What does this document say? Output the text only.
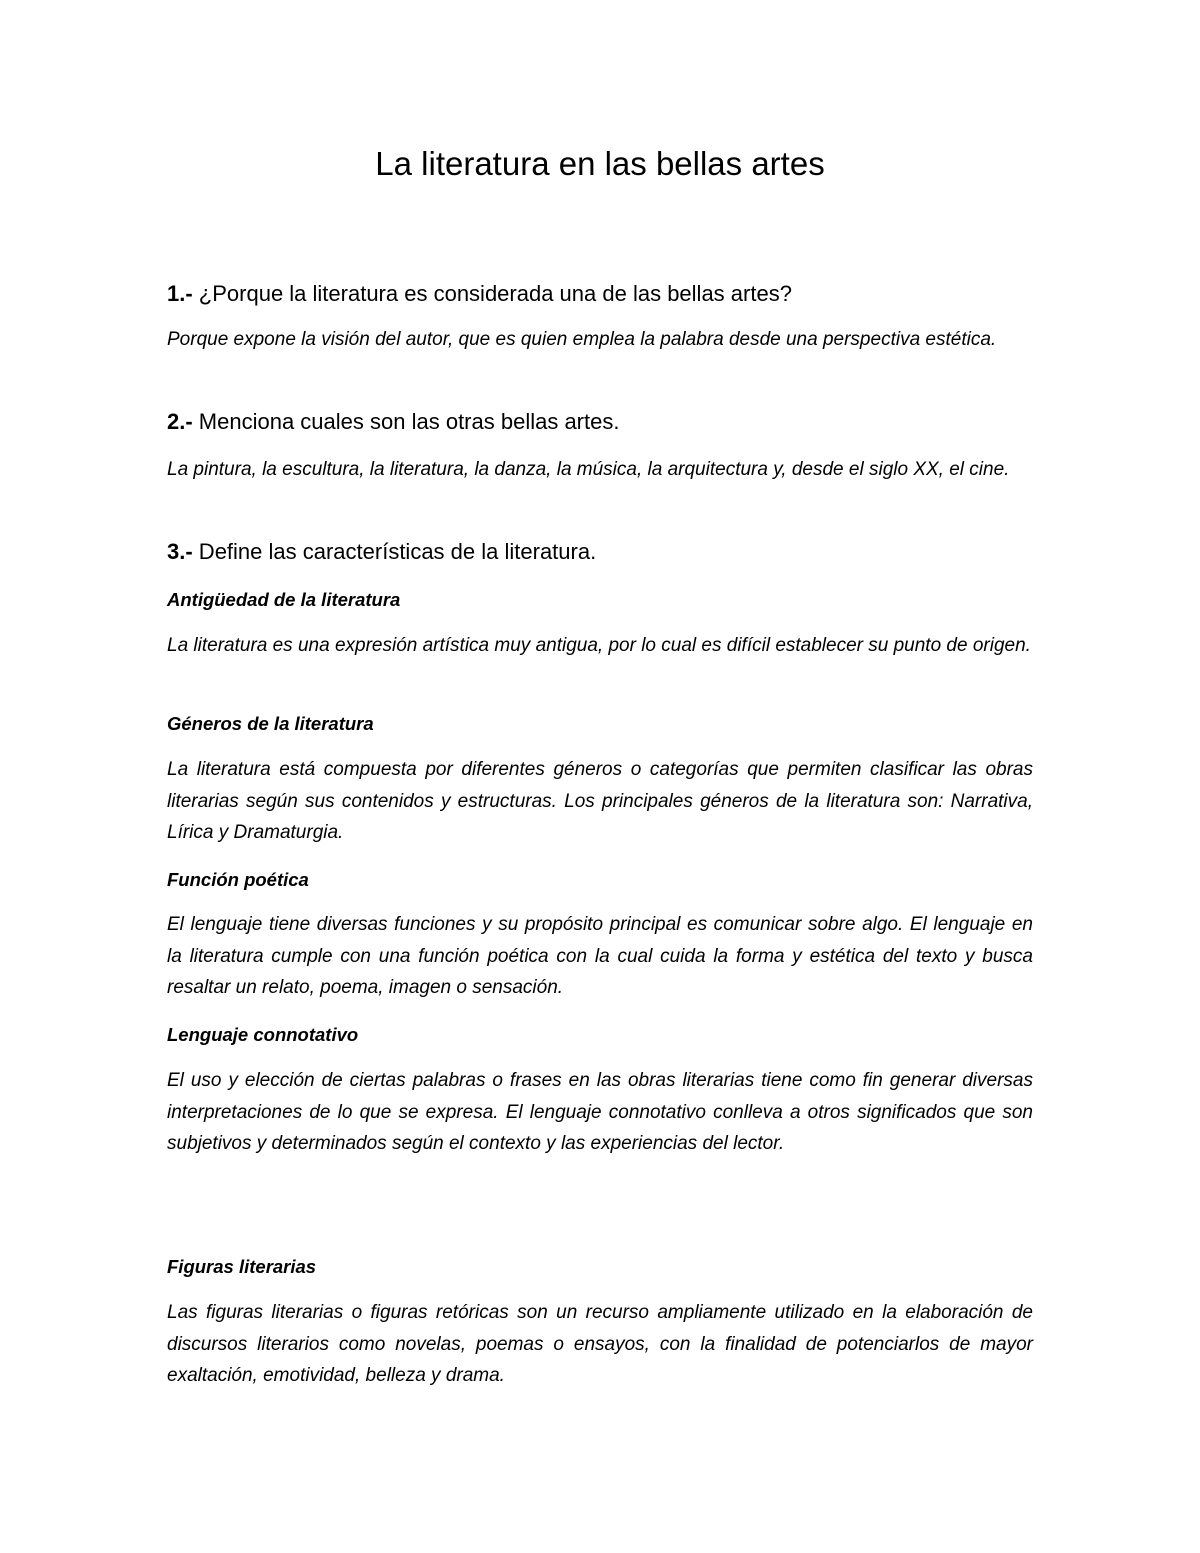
La literatura en las bellas artes

1.- ¿Porque la literatura es considerada una de las bellas artes?

Porque expone la visión del autor, que es quien emplea la palabra desde una perspectiva estética.

2.- Menciona cuales son las otras bellas artes.

La pintura, la escultura, la literatura, la danza, la música, la arquitectura y, desde el siglo XX, el cine.

3.- Define las características de la literatura.

Antigüedad de la literatura

La literatura es una expresión artística muy antigua, por lo cual es difícil establecer su punto de origen.

Géneros de la literatura

La literatura está compuesta por diferentes géneros o categorías que permiten clasificar las obras literarias según sus contenidos y estructuras. Los principales géneros de la literatura son: Narrativa, Lírica y Dramaturgia.

Función poética

El lenguaje tiene diversas funciones y su propósito principal es comunicar sobre algo. El lenguaje en la literatura cumple con una función poética con la cual cuida la forma y estética del texto y busca resaltar un relato, poema, imagen o sensación.

Lenguaje connotativo

El uso y elección de ciertas palabras o frases en las obras literarias tiene como fin generar diversas interpretaciones de lo que se expresa. El lenguaje connotativo conlleva a otros significados que son subjetivos y determinados según el contexto y las experiencias del lector.

Figuras literarias

Las figuras literarias o figuras retóricas son un recurso ampliamente utilizado en la elaboración de discursos literarios como novelas, poemas o ensayos, con la finalidad de potenciarlos de mayor exaltación, emotividad, belleza y drama.
